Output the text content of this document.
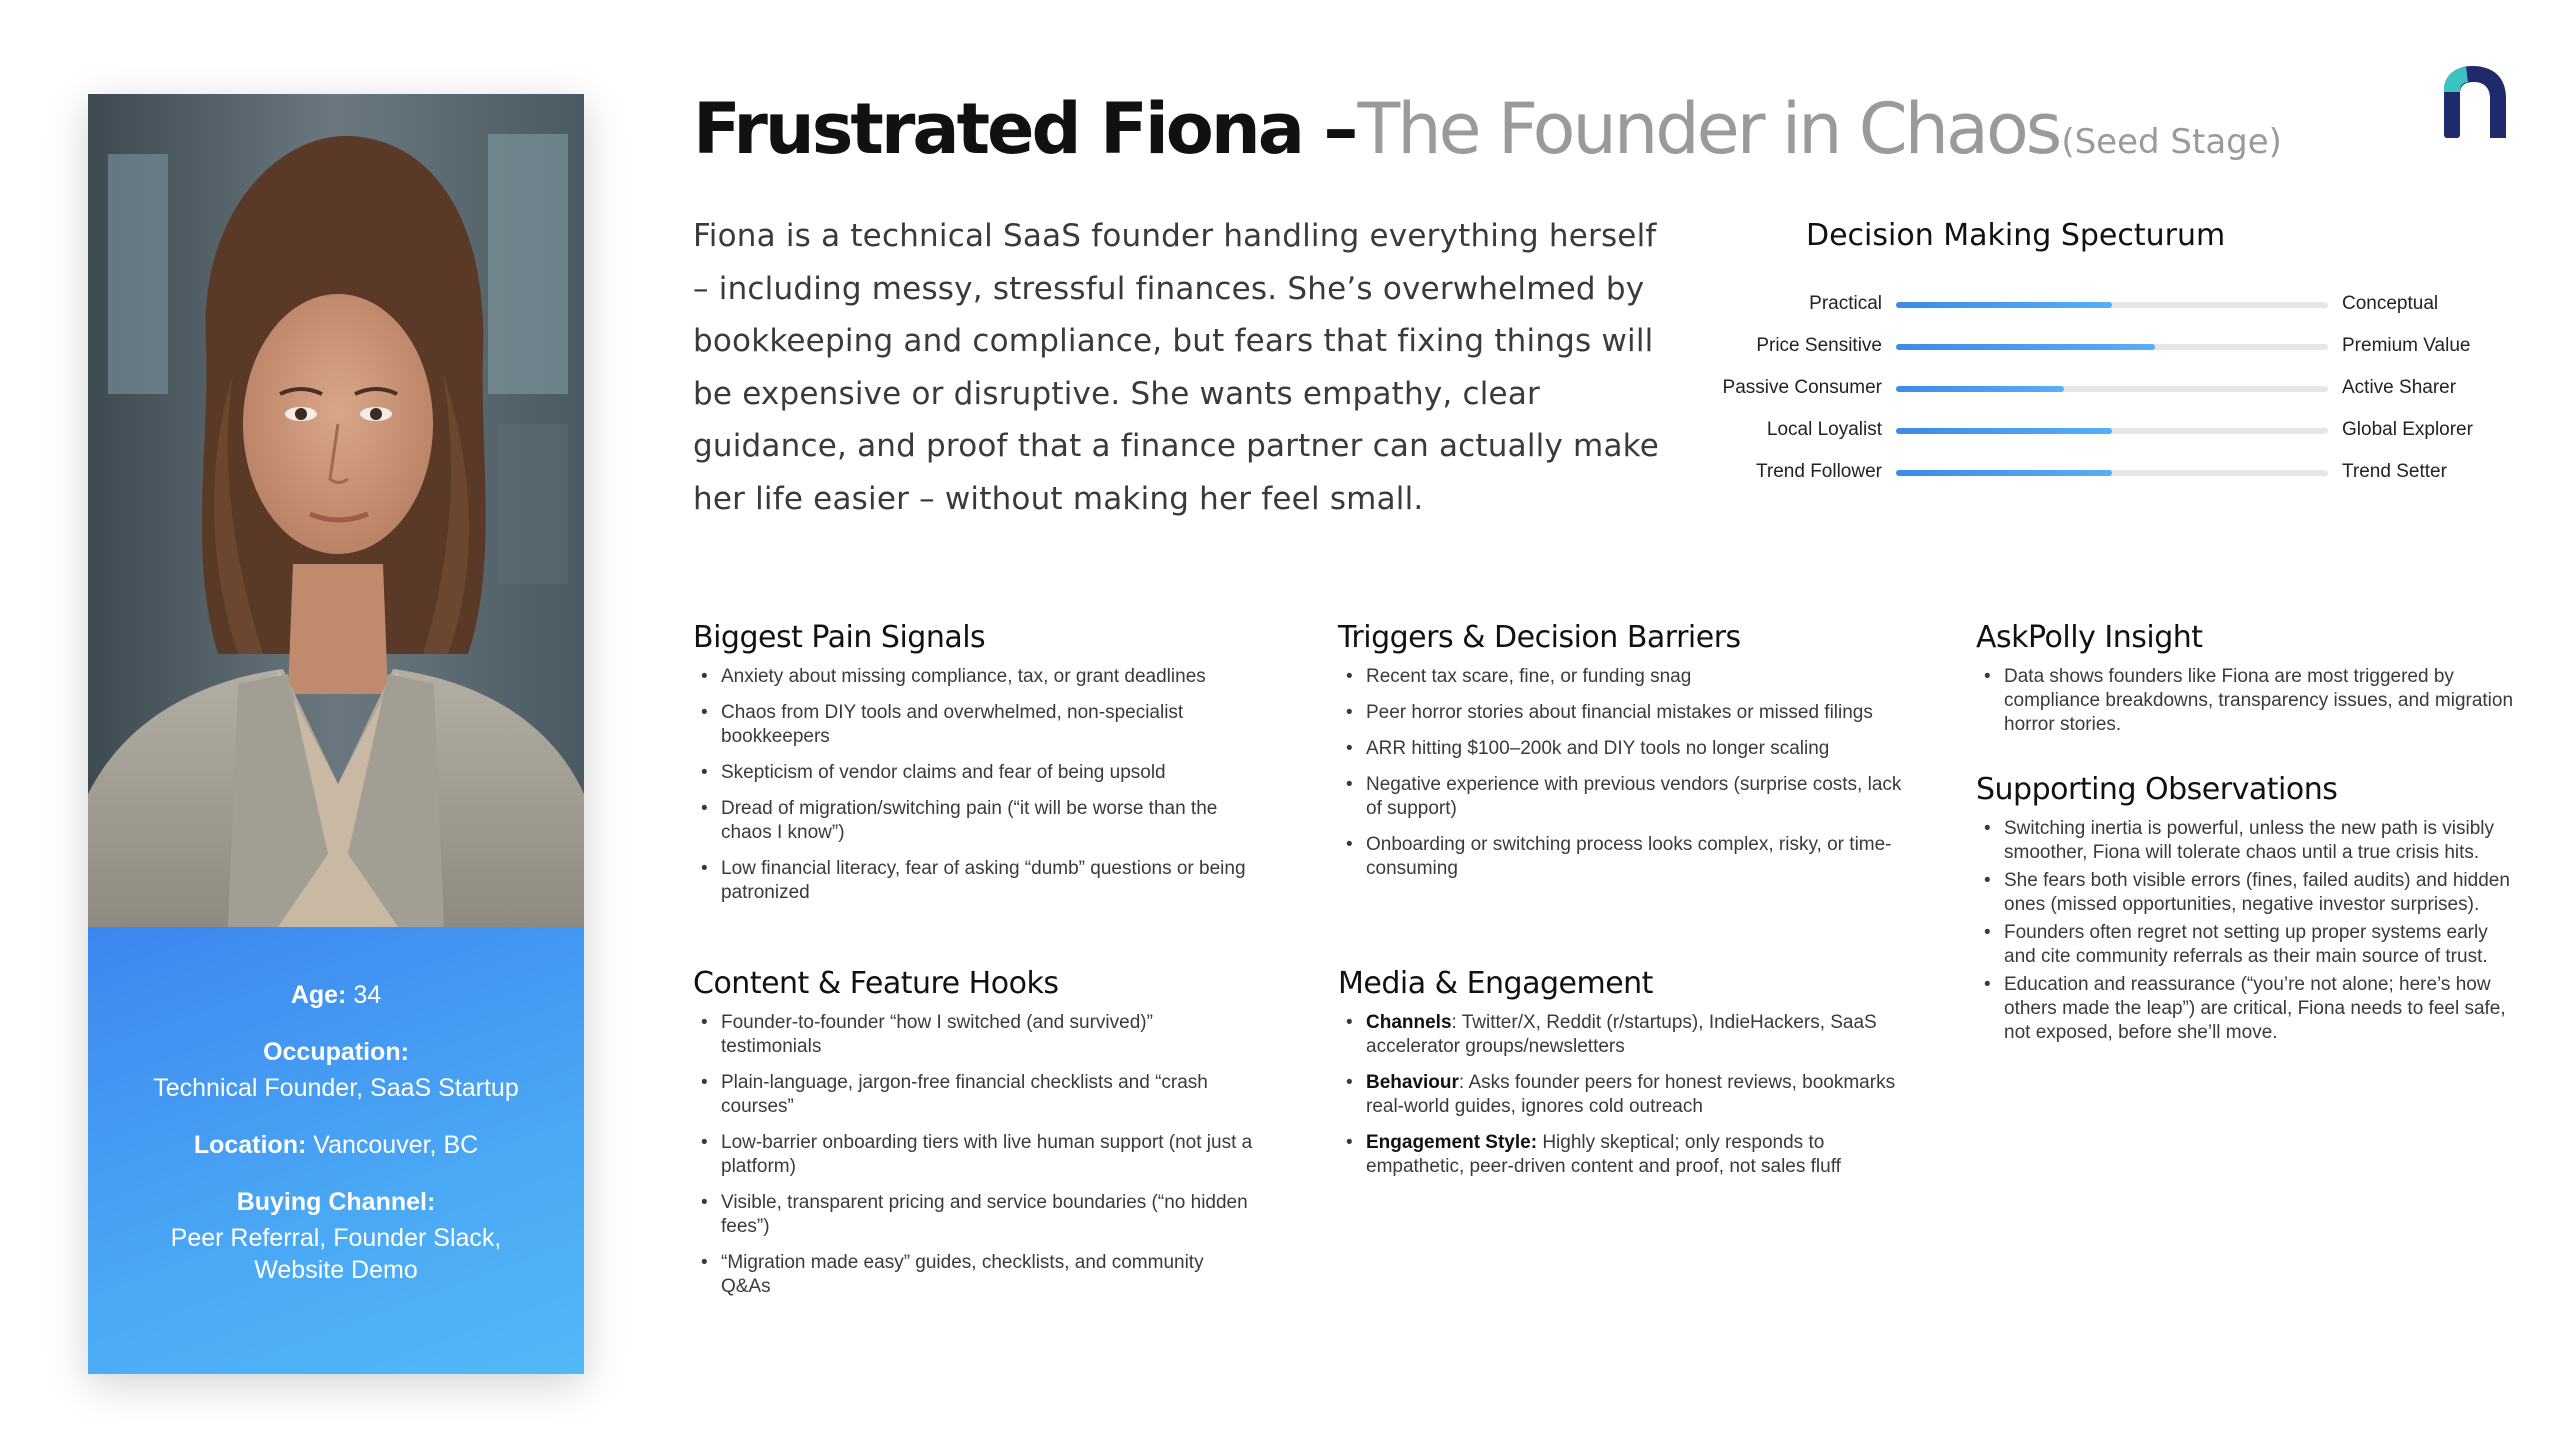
Age: 34
Occupation:
Technical Founder, SaaS Startup
Location: Vancouver, BC
Buying Channel:
Peer Referral, Founder Slack, Website Demo
Frustrated Fiona – The Founder in Chaos (Seed Stage)
Fiona is a technical SaaS founder handling everything herself – including messy, stressful finances. She’s overwhelmed by bookkeeping and compliance, but fears that fixing things will be expensive or disruptive. She wants empathy, clear guidance, and proof that a finance partner can actually make her life easier – without making her feel small.
Decision Making Specturum
Practical	Conceptual
Price Sensitive	Premium Value
Passive Consumer	Active Sharer
Local Loyalist	Global Explorer
Trend Follower	Trend Setter
Biggest Pain Signals
• Anxiety about missing compliance, tax, or grant deadlines
• Chaos from DIY tools and overwhelmed, non-specialist bookkeepers
• Skepticism of vendor claims and fear of being upsold
• Dread of migration/switching pain (“it will be worse than the chaos I know”)
• Low financial literacy, fear of asking “dumb” questions or being patronized
Content & Feature Hooks
• Founder-to-founder “how I switched (and survived)” testimonials
• Plain-language, jargon-free financial checklists and “crash courses”
• Low-barrier onboarding tiers with live human support (not just a platform)
• Visible, transparent pricing and service boundaries (“no hidden fees”)
• “Migration made easy” guides, checklists, and community Q&As
Triggers & Decision Barriers
• Recent tax scare, fine, or funding snag
• Peer horror stories about financial mistakes or missed filings
• ARR hitting $100–200k and DIY tools no longer scaling
• Negative experience with previous vendors (surprise costs, lack of support)
• Onboarding or switching process looks complex, risky, or time-consuming
Media & Engagement
• Channels: Twitter/X, Reddit (r/startups), IndieHackers, SaaS accelerator groups/newsletters
• Behaviour: Asks founder peers for honest reviews, bookmarks real-world guides, ignores cold outreach
• Engagement Style: Highly skeptical; only responds to empathetic, peer-driven content and proof, not sales fluff
AskPolly Insight
• Data shows founders like Fiona are most triggered by compliance breakdowns, transparency issues, and migration horror stories.
Supporting Observations
• Switching inertia is powerful, unless the new path is visibly smoother, Fiona will tolerate chaos until a true crisis hits.
• She fears both visible errors (fines, failed audits) and hidden ones (missed opportunities, negative investor surprises).
• Founders often regret not setting up proper systems early and cite community referrals as their main source of trust.
• Education and reassurance (“you’re not alone; here’s how others made the leap”) are critical, Fiona needs to feel safe, not exposed, before she’ll move.
